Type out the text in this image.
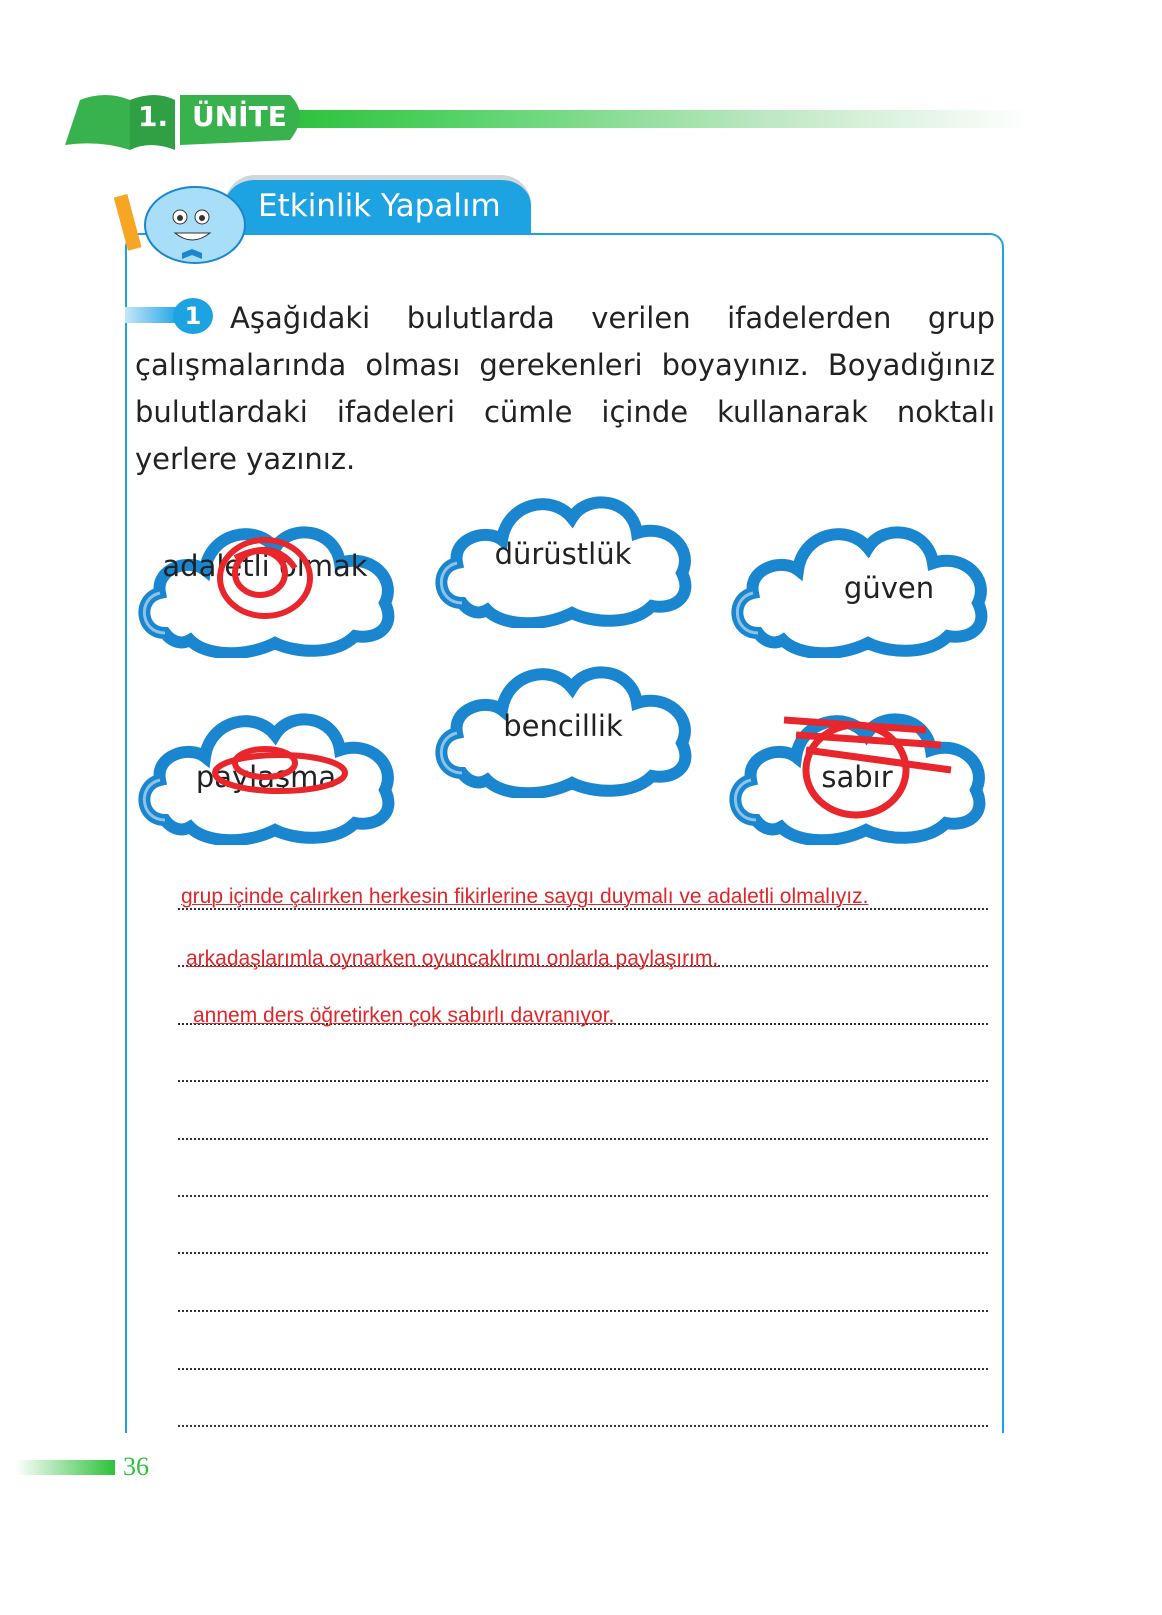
1. ÜNİTE
Etkinlik Yapalım
Aşağıdaki bulutlarda verilen ifadelerden grup çalışmalarında olması gerekenleri boyayınız. Boyadığınız bulutlardaki ifadeleri cümle içinde kullanarak noktalı yerlere yazınız.
1
adaletli olmak	dürüstlük
güven
paylaşma
bencillik
sabır
grup içinde çalırken herkesin fikirlerine saygı duymalı ve adaletli olmalıyız.
arkadaşlarımla oynarken oyuncaklrımı onlarla paylaşırım.
annem ders öğretirken çok sabırlı davranıyor.
36
